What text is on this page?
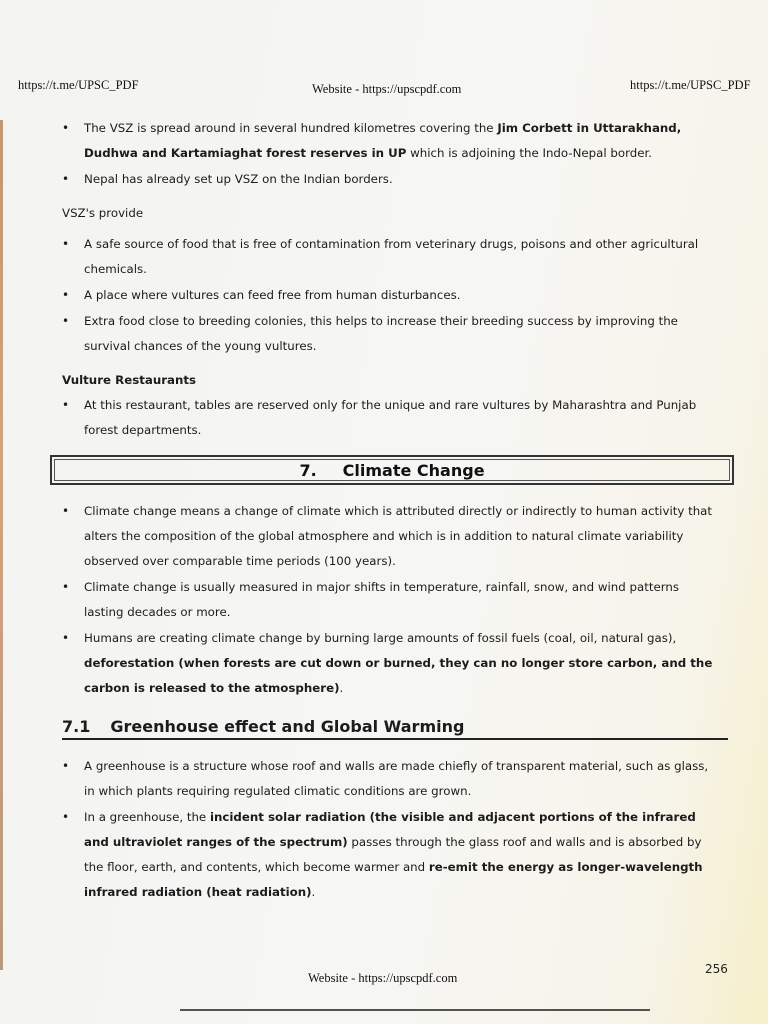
https://t.me/UPSC_PDF	Website - https://upscpdf.com	https://t.me/UPSC_PDF
• The VSZ is spread around in several hundred kilometres covering the Jim Corbett in Uttarakhand, Dudhwa and Kartamiaghat forest reserves in UP which is adjoining the Indo-Nepal border.
• Nepal has already set up VSZ on the Indian borders.

VSZ's provide

• A safe source of food that is free of contamination from veterinary drugs, poisons and other agricultural chemicals.
• A place where vultures can feed free from human disturbances.
• Extra food close to breeding colonies, this helps to increase their breeding success by improving the survival chances of the young vultures.
Vulture Restaurants
• At this restaurant, tables are reserved only for the unique and rare vultures by Maharashtra and Punjab forest departments.
7. Climate Change
• Climate change means a change of climate which is attributed directly or indirectly to human activity that alters the composition of the global atmosphere and which is in addition to natural climate variability observed over comparable time periods (100 years).
• Climate change is usually measured in major shifts in temperature, rainfall, snow, and wind patterns lasting decades or more.
• Humans are creating climate change by burning large amounts of fossil fuels (coal, oil, natural gas), deforestation (when forests are cut down or burned, they can no longer store carbon, and the carbon is released to the atmosphere).
7.1 Greenhouse effect and Global Warming
• A greenhouse is a structure whose roof and walls are made chiefly of transparent material, such as glass, in which plants requiring regulated climatic conditions are grown.
• In a greenhouse, the incident solar radiation (the visible and adjacent portions of the infrared and ultraviolet ranges of the spectrum) passes through the glass roof and walls and is absorbed by the floor, earth, and contents, which become warmer and re-emit the energy as longer-wavelength infrared radiation (heat radiation).
256
Website - https://upscpdf.com
